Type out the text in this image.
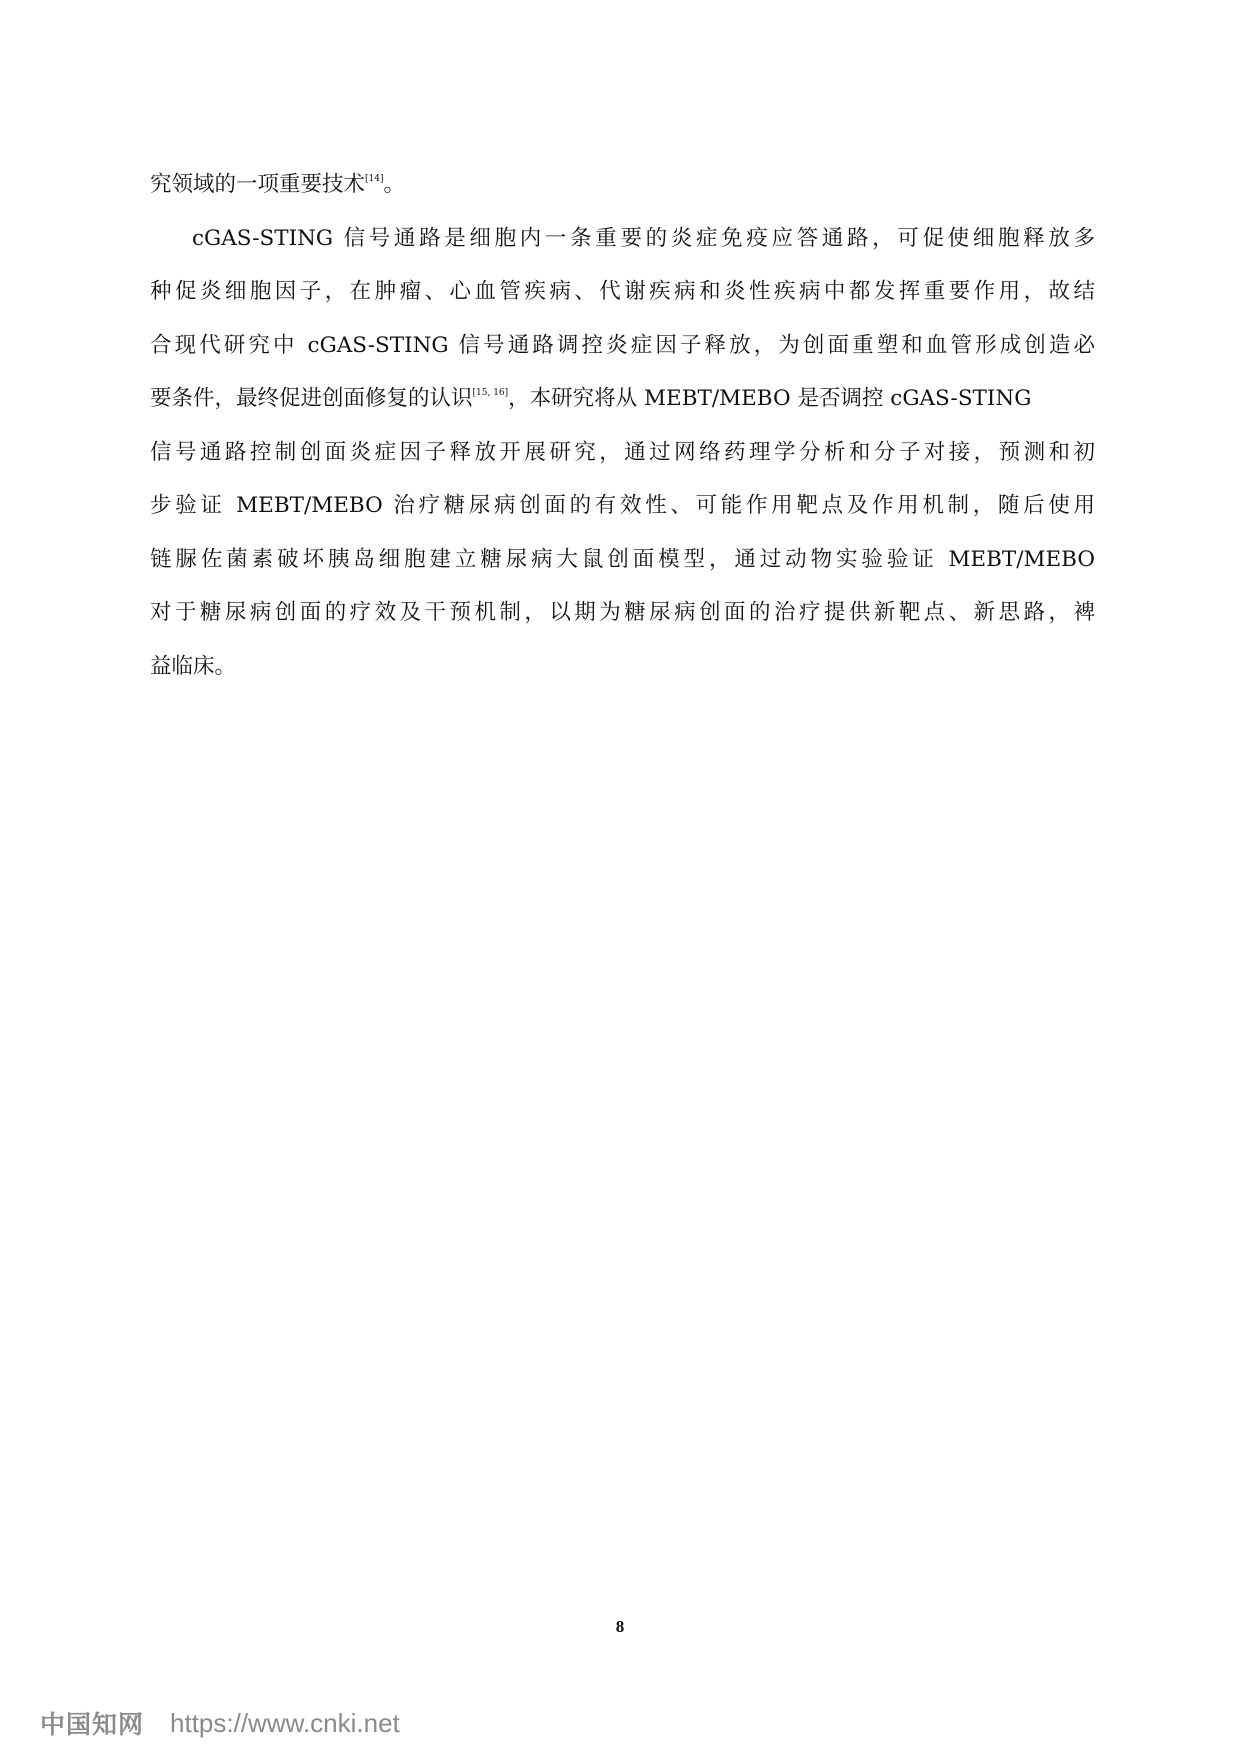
究领域的一项重要技术[14]。
cGAS-STING 信号通路是细胞内一条重要的炎症免疫应答通路，可促使细胞释放多
种促炎细胞因子，在肿瘤、心血管疾病、代谢疾病和炎性疾病中都发挥重要作用，故结
合现代研究中 cGAS-STING 信号通路调控炎症因子释放，为创面重塑和血管形成创造必
要条件，最终促进创面修复的认识[15, 16]，本研究将从 MEBT/MEBO 是否调控 cGAS-STING
信号通路控制创面炎症因子释放开展研究，通过网络药理学分析和分子对接，预测和初
步验证 MEBT/MEBO 治疗糖尿病创面的有效性、可能作用靶点及作用机制，随后使用
链脲佐菌素破坏胰岛细胞建立糖尿病大鼠创面模型，通过动物实验验证 MEBT/MEBO
对于糖尿病创面的疗效及干预机制，以期为糖尿病创面的治疗提供新靶点、新思路，裨
益临床。
8
中国知网 https://www.cnki.net
